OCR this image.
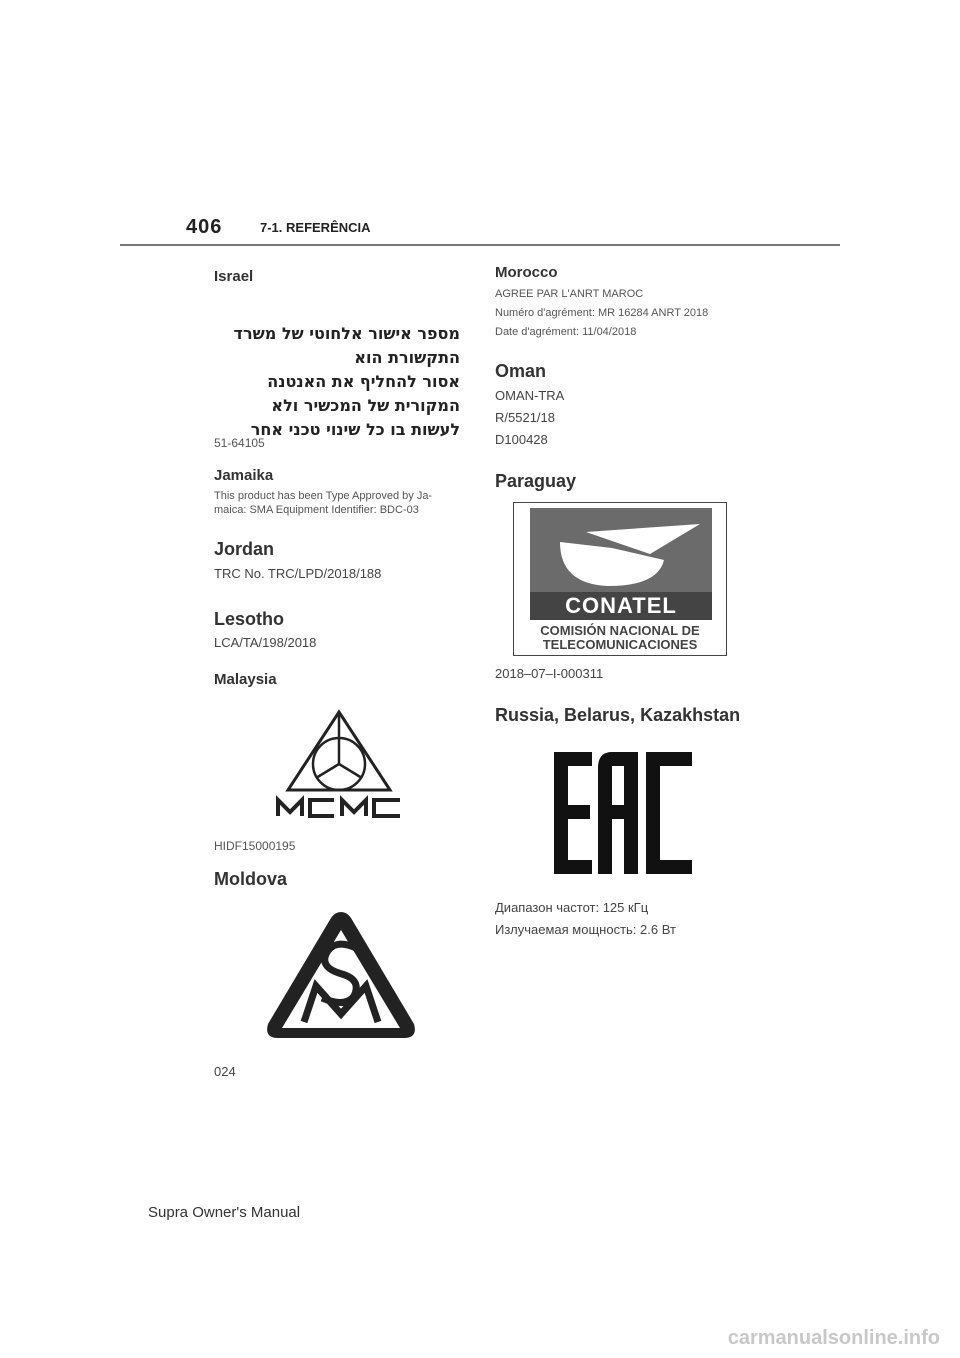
406	7-1. REFERÊNCIA
Israel
מספר אישור אלחוטי של משרד התקשורת הוא
אסור להחליף את האנטנה המקורית של המכשיר ולא
לעשות בו כל שינוי טכני אחר
51-64105
Jamaika
This product has been Type Approved by Ja-
maica: SMA Equipment Identifier: BDC-03
Jordan
TRC No. TRC/LPD/2018/188
Lesotho
LCA/TA/198/2018
Malaysia
HIDF15000195
Moldova
024
Morocco
AGREE PAR L'ANRT MAROC
Numéro d'agrément: MR 16284 ANRT 2018
Date d'agrément: 11/04/2018
Oman
OMAN-TRA
R/5521/18
D100428
Paraguay
CONATEL
COMISIÓN NACIONAL DE
TELECOMUNICACIONES
2018–07–I-000311
Russia, Belarus, Kazakhstan
Диапазон частот: 125 кГц
Излучаемая мощность: 2.6 Вт
Supra Owner's Manual
carmanualsonline.info
